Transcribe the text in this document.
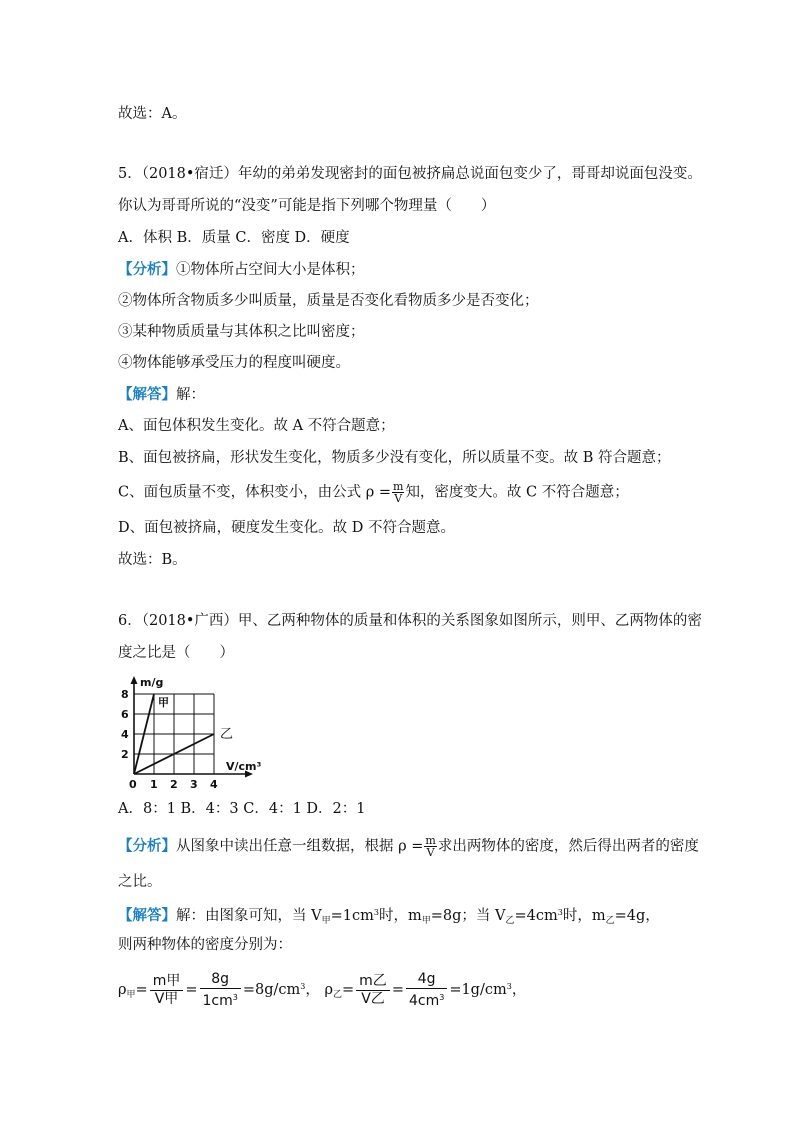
故选：A。
5．（2018•宿迁）年幼的弟弟发现密封的面包被挤扁总说面包变少了，哥哥却说面包没变。
你认为哥哥所说的“没变”可能是指下列哪个物理量（　　）
A．体积 B．质量 C．密度 D．硬度
【分析】①物体所占空间大小是体积；
②物体所含物质多少叫质量，质量是否变化看物质多少是否变化；
③某种物质质量与其体积之比叫密度；
④物体能够承受压力的程度叫硬度。
【解答】解：
A、面包体积发生变化。故 A 不符合题意；
B、面包被挤扁，形状发生变化，物质多少没有变化，所以质量不变。故 B 符合题意；
C、面包质量不变，体积变小，由公式 $\rho = \frac{m}{V}$ 知，密度变大。故 C 不符合题意；
D、面包被挤扁，硬度发生变化。故 D 不符合题意。
故选：B。
6．（2018•广西）甲、乙两种物体的质量和体积的关系图象如图所示，则甲、乙两物体的密
度之比是（　　）
m/g
V/cm³
8
6
4
2
0 1 2 3 4
甲
乙
A．8：1 B．4：3 C．4：1 D．2：1
【分析】从图象中读出任意一组数据，根据 $\rho = \frac{m}{V}$ 求出两物体的密度，然后得出两者的密度
之比。
【解答】解：由图象可知，当 $V_甲=1cm^3$时，$m_甲=8g$；当 $V_乙=4cm^3$时，$m_乙=4g$，
则两种物体的密度分别为：
$\rho_甲= \frac{\text{m甲}}{\text{V甲}} = \frac{8g}{1cm^3} =8g/cm^3$， $\rho_乙= \frac{\text{m乙}}{\text{V乙}} = \frac{4g}{4cm^3} =1g/cm^3$，
